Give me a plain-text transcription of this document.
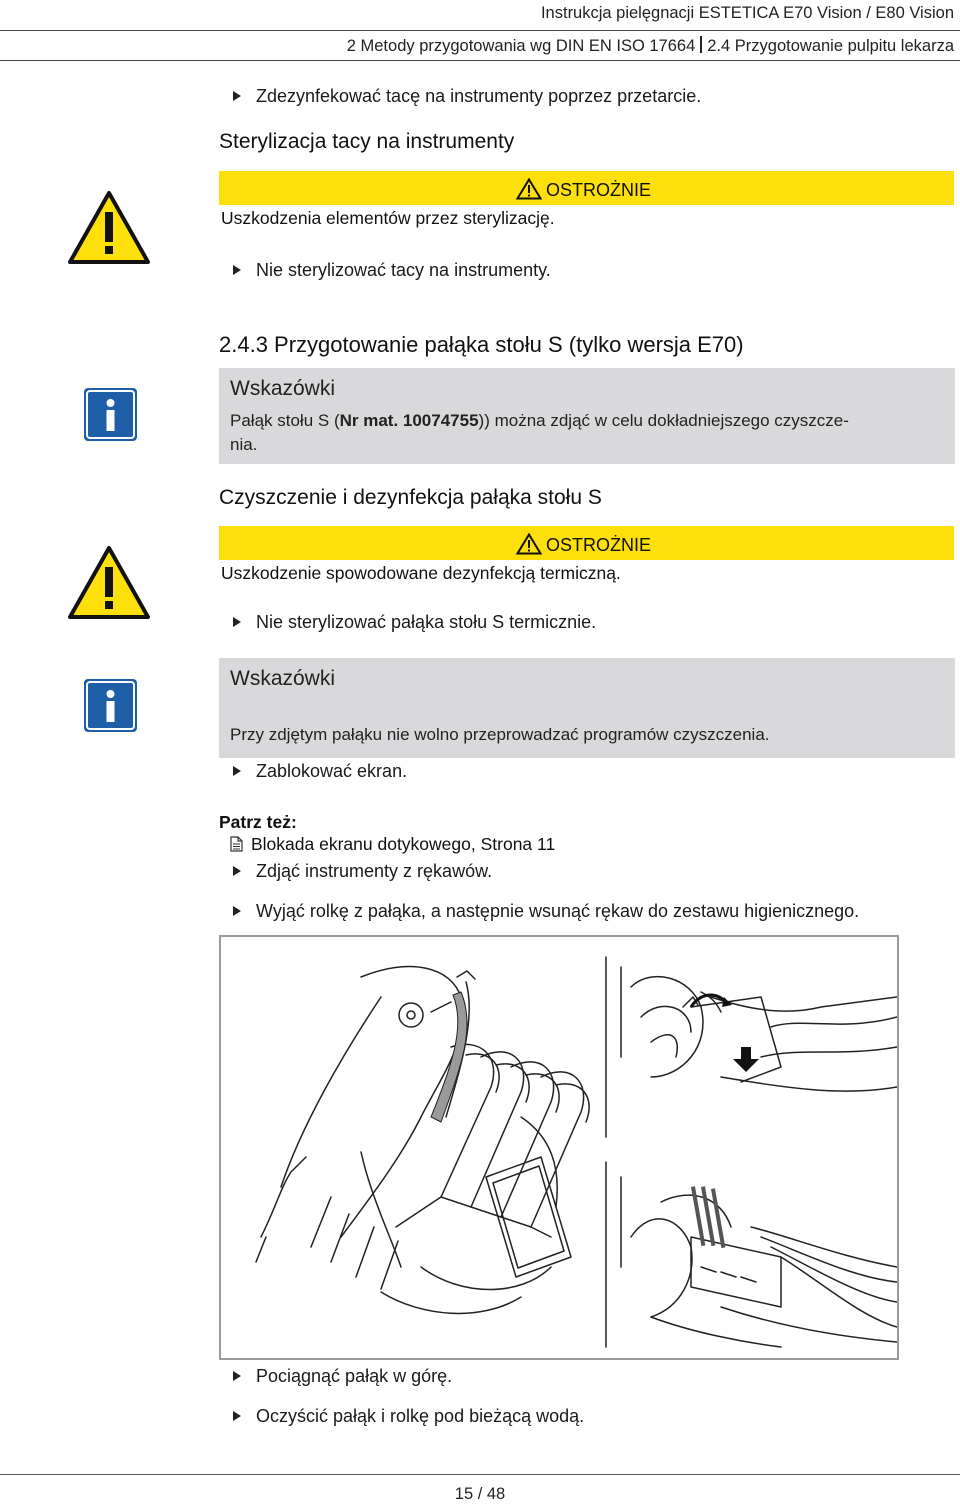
Instrukcja pielęgnacji ESTETICA E70 Vision / E80 Vision
2 Metody przygotowania wg DIN EN ISO 17664 2.4 Przygotowanie pulpitu lekarza
Zdezynfekować tacę na instrumenty poprzez przetarcie.
Sterylizacja tacy na instrumenty
OSTROŻNIE
Uszkodzenia elementów przez sterylizację.
Nie sterylizować tacy na instrumenty.
2.4.3 Przygotowanie pałąka stołu S (tylko wersja E70)
Wskazówki
Pałąk stołu S (Nr mat. 10074755)) można zdjąć w celu dokładniejszego czyszcze-
nia.
Czyszczenie i dezynfekcja pałąka stołu S
OSTROŻNIE
Uszkodzenie spowodowane dezynfekcją termiczną.
Nie sterylizować pałąka stołu S termicznie.
Wskazówki
Przy zdjętym pałąku nie wolno przeprowadzać programów czyszczenia.
Zablokować ekran.
Patrz też:
Blokada ekranu dotykowego, Strona 11
Zdjąć instrumenty z rękawów.
Wyjąć rolkę z pałąka, a następnie wsunąć rękaw do zestawu higienicznego.
Pociągnąć pałąk w górę.
Oczyścić pałąk i rolkę pod bieżącą wodą.
15 / 48
